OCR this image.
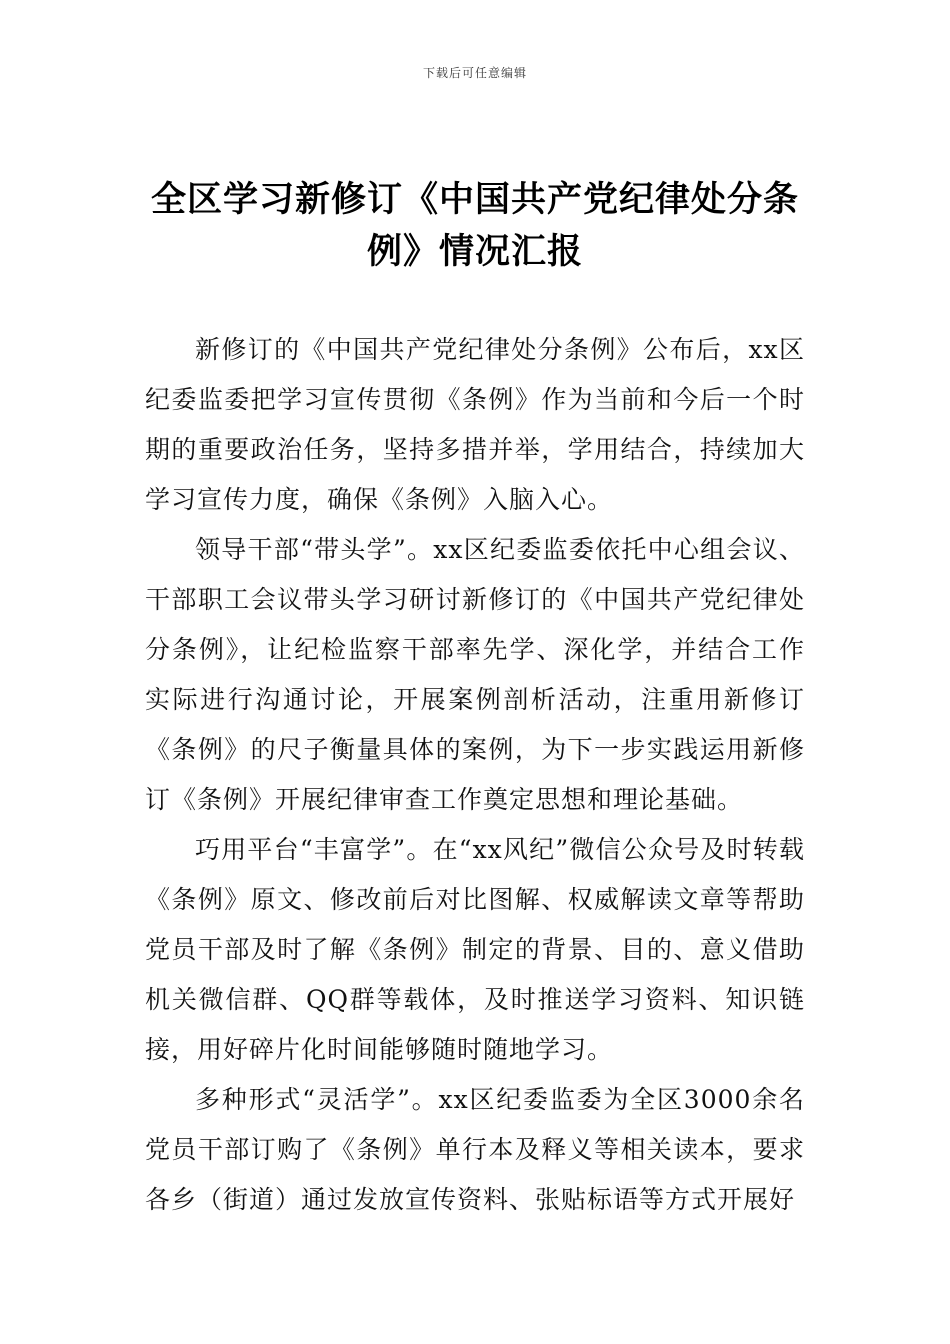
下载后可任意编辑
全区学习新修订《中国共产党纪律处分条例》情况汇报

新修订的《中国共产党纪律处分条例》公布后，xx区纪委监委把学习宣传贯彻《条例》作为当前和今后一个时期的重要政治任务，坚持多措并举，学用结合，持续加大学习宣传力度，确保《条例》入脑入心。

领导干部“带头学”。xx区纪委监委依托中心组会议、干部职工会议带头学习研讨新修订的《中国共产党纪律处分条例》，让纪检监察干部率先学、深化学，并结合工作实际进行沟通讨论，开展案例剖析活动，注重用新修订《条例》的尺子衡量具体的案例，为下一步实践运用新修订《条例》开展纪律审查工作奠定思想和理论基础。

巧用平台“丰富学”。在“xx风纪”微信公众号及时转载《条例》原文、修改前后对比图解、权威解读文章等帮助党员干部及时了解《条例》制定的背景、目的、意义借助机关微信群、QQ群等载体，及时推送学习资料、知识链接，用好碎片化时间能够随时随地学习。

多种形式“灵活学”。xx区纪委监委为全区3000余名党员干部订购了《条例》单行本及释义等相关读本，要求各乡（街道）通过发放宣传资料、张贴标语等方式开展好
